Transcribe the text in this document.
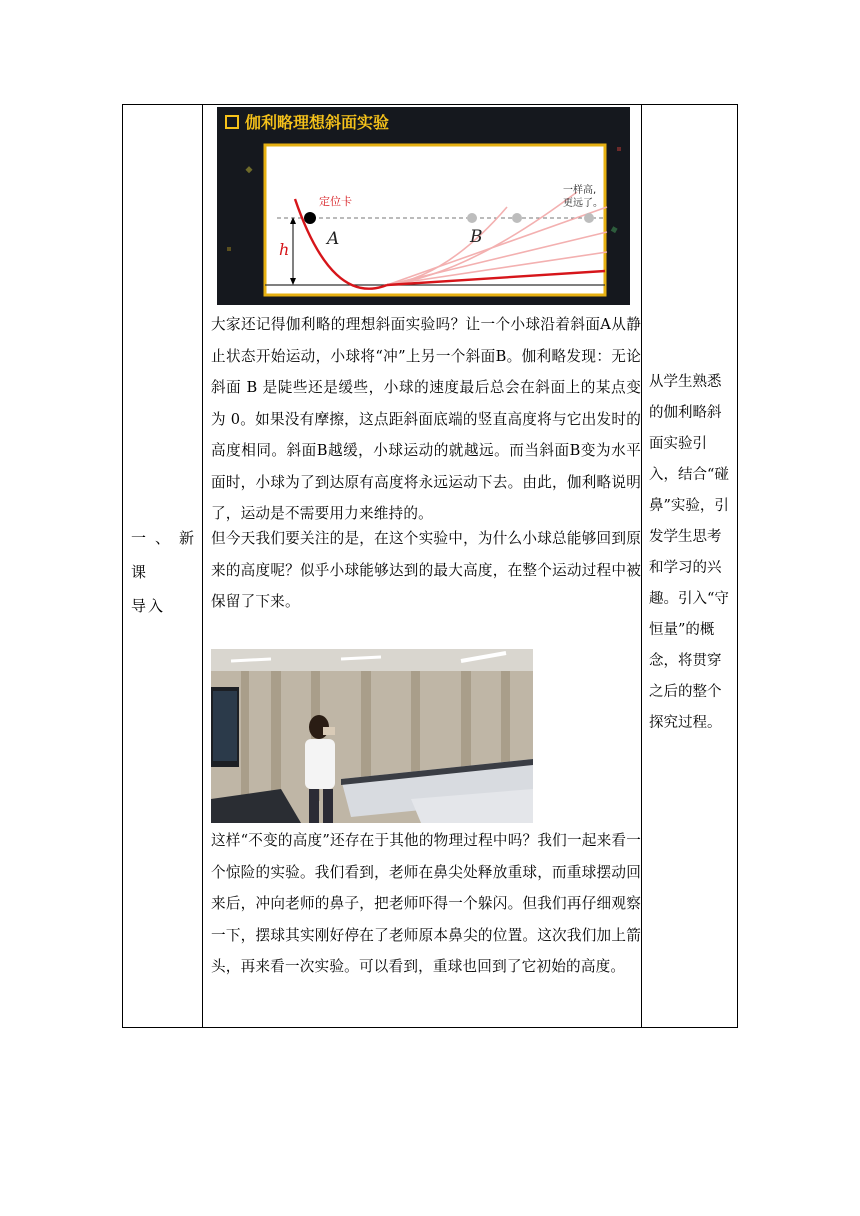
一、新课
导入
伽利略理想斜面实验
定位卡
h
A	B
一样高,
更远了。

大家还记得伽利略的理想斜面实验吗？让一个小球沿着斜面A从静止状态开始运动，小球将“冲”上另一个斜面B。伽利略发现：无论斜面 B 是陡些还是缓些，小球的速度最后总会在斜面上的某点变为 0。如果没有摩擦，这点距斜面底端的竖直高度将与它出发时的高度相同。斜面B越缓，小球运动的就越远。而当斜面B变为水平面时，小球为了到达原有高度将永远运动下去。由此，伽利略说明了，运动是不需要用力来维持的。

但今天我们要关注的是，在这个实验中，为什么小球总能够回到原来的高度呢？似乎小球能够达到的最大高度，在整个运动过程中被保留了下来。

这样“不变的高度”还存在于其他的物理过程中吗？我们一起来看一个惊险的实验。我们看到，老师在鼻尖处释放重球，而重球摆动回来后，冲向老师的鼻子，把老师吓得一个躲闪。但我们再仔细观察一下，摆球其实刚好停在了老师原本鼻尖的位置。这次我们加上箭头，再来看一次实验。可以看到，重球也回到了它初始的高度。

从学生熟悉的伽利略斜面实验引入，结合“碰鼻”实验，引发学生思考和学习的兴趣。引入“守恒量”的概念，将贯穿之后的整个探究过程。
